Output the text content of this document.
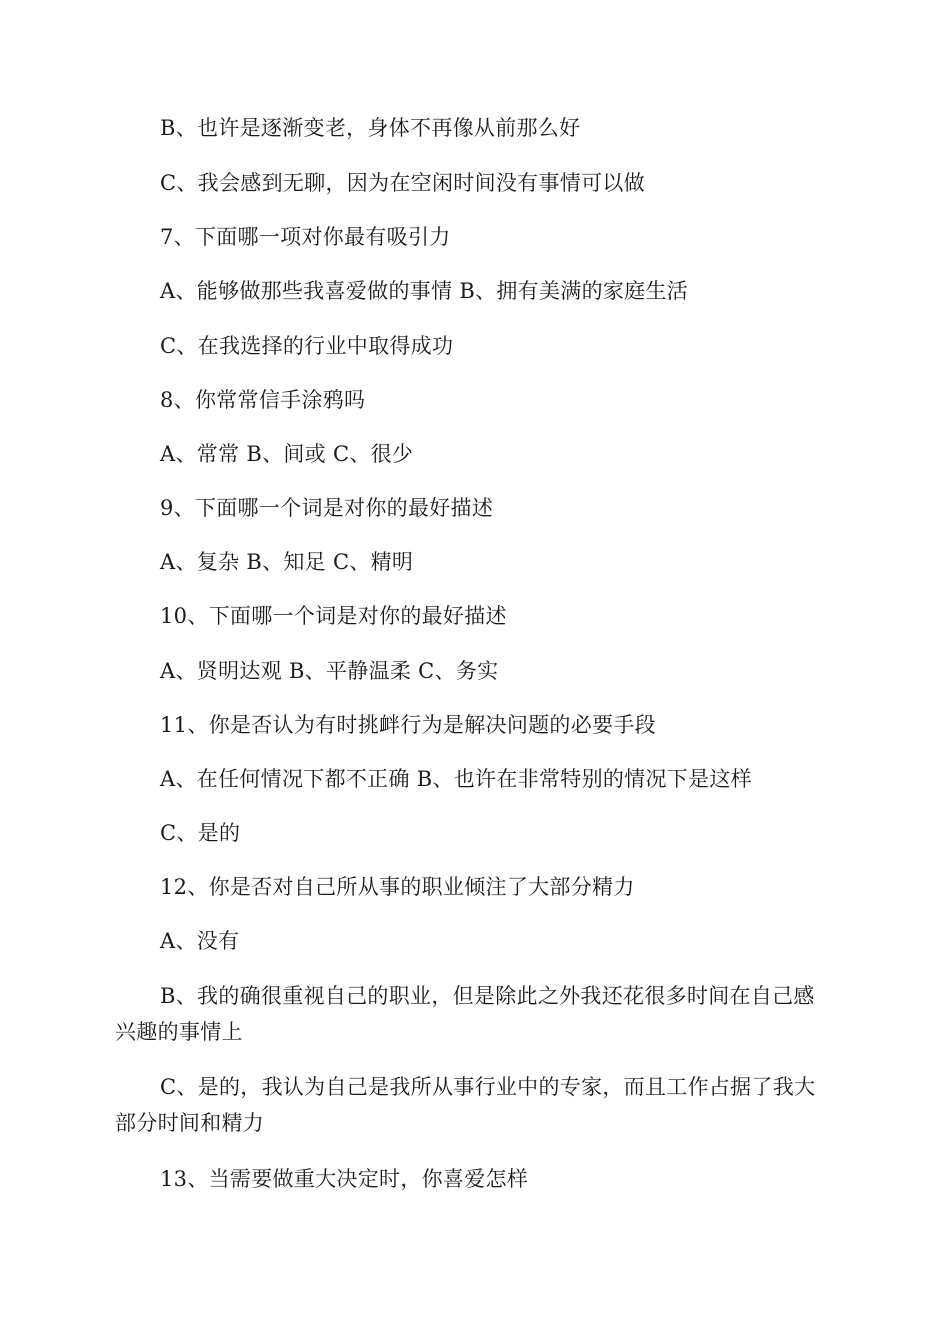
B、也许是逐渐变老，身体不再像从前那么好
C、我会感到无聊，因为在空闲时间没有事情可以做
7、下面哪一项对你最有吸引力
A、能够做那些我喜爱做的事情 B、拥有美满的家庭生活
C、在我选择的行业中取得成功
8、你常常信手涂鸦吗
A、常常 B、间或 C、很少
9、下面哪一个词是对你的最好描述
A、复杂 B、知足 C、精明
10、下面哪一个词是对你的最好描述
A、贤明达观 B、平静温柔 C、务实
11、你是否认为有时挑衅行为是解决问题的必要手段
A、在任何情况下都不正确 B、也许在非常特别的情况下是这样
C、是的
12、你是否对自己所从事的职业倾注了大部分精力
A、没有
B、我的确很重视自己的职业，但是除此之外我还花很多时间在自己感兴趣的事情上
C、是的，我认为自己是我所从事行业中的专家，而且工作占据了我大部分时间和精力
13、当需要做重大决定时，你喜爱怎样
